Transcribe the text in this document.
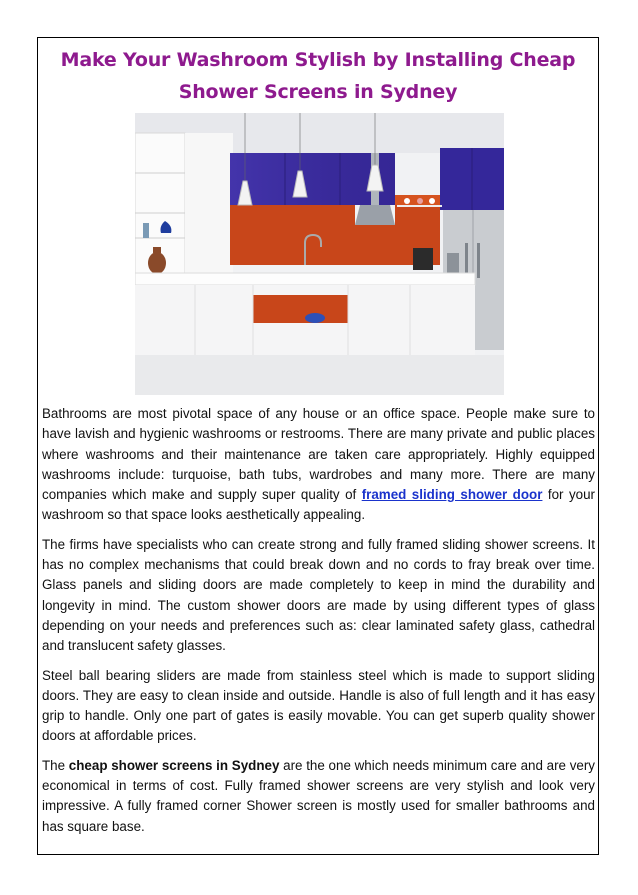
Make Your Washroom Stylish by Installing Cheap Shower Screens in Sydney

Bathrooms are most pivotal space of any house or an office space. People make sure to have lavish and hygienic washrooms or restrooms. There are many private and public places where washrooms and their maintenance are taken care appropriately. Highly equipped washrooms include: turquoise, bath tubs, wardrobes and many more. There are many companies which make and supply super quality of framed sliding shower door for your washroom so that space looks aesthetically appealing.

The firms have specialists who can create strong and fully framed sliding shower screens. It has no complex mechanisms that could break down and no cords to fray break over time. Glass panels and sliding doors are made completely to keep in mind the durability and longevity in mind. The custom shower doors are made by using different types of glass depending on your needs and preferences such as: clear laminated safety glass, cathedral and translucent safety glasses.

Steel ball bearing sliders are made from stainless steel which is made to support sliding doors. They are easy to clean inside and outside. Handle is also of full length and it has easy grip to handle. Only one part of gates is easily movable. You can get superb quality shower doors at affordable prices.

The cheap shower screens in Sydney are the one which needs minimum care and are very economical in terms of cost. Fully framed shower screens are very stylish and look very impressive. A fully framed corner Shower screen is mostly used for smaller bathrooms and has square base.
